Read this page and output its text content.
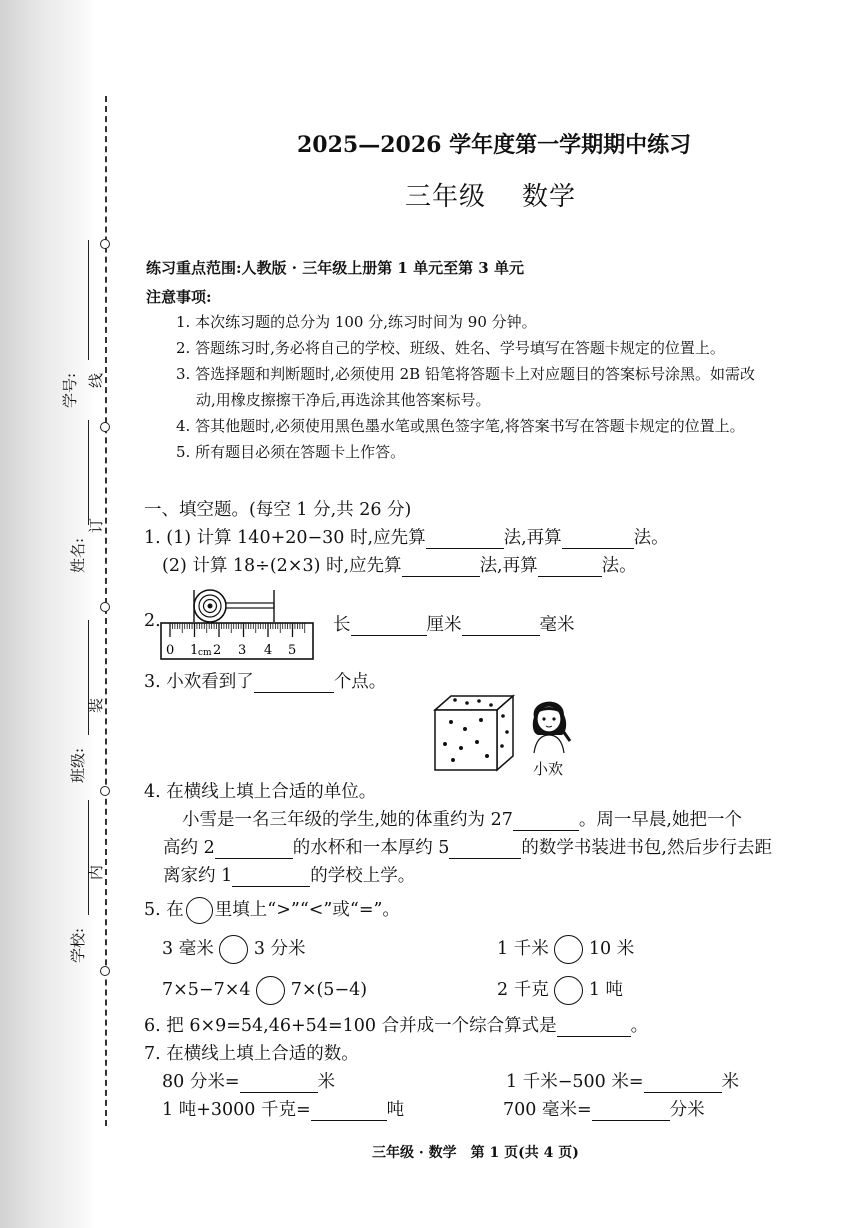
学号:
姓名:
班级:
学校:
线
订
装
内
2025—2026 学年度第一学期期中练习
三年级 数学
练习重点范围:人教版 · 三年级上册第 1 单元至第 3 单元
注意事项:
1. 本次练习题的总分为 100 分,练习时间为 90 分钟。
2. 答题练习时,务必将自己的学校、班级、姓名、学号填写在答题卡规定的位置上。
3. 答选择题和判断题时,必须使用 2B 铅笔将答题卡上对应题目的答案标号涂黑。如需改
动,用橡皮擦擦干净后,再选涂其他答案标号。
4. 答其他题时,必须使用黑色墨水笔或黑色签字笔,将答案书写在答题卡规定的位置上。
5. 所有题目必须在答题卡上作答。
一、填空题。(每空 1 分,共 26 分)
1. (1) 计算 140+20−30 时,应先算	法,再算	法。
(2) 计算 18÷(2×3) 时,应先算	法,再算	法。
2.
0 1 cm 2 3 4 5
长	厘米	毫米
3. 小欢看到了	个点。
小欢
4. 在横线上填上合适的单位。
小雪是一名三年级的学生,她的体重约为 27	。周一早晨,她把一个
高约 2	的水杯和一本厚约 5	的数学书装进书包,然后步行去距
离家约 1	的学校上学。
5. 在 里填上“>”“<”或“=”。
3 毫米 3 分米	1 千米 10 米
7×5−7×4 7×(5−4)	2 千克 1 吨
6. 把 6×9=54,46+54=100 合并成一个综合算式是	。
7. 在横线上填上合适的数。
80 分米=	米	1 千米−500 米=	米
1 吨+3000 千克=	吨	700 毫米=	分米
三年级 · 数学　第 1 页(共 4 页)
